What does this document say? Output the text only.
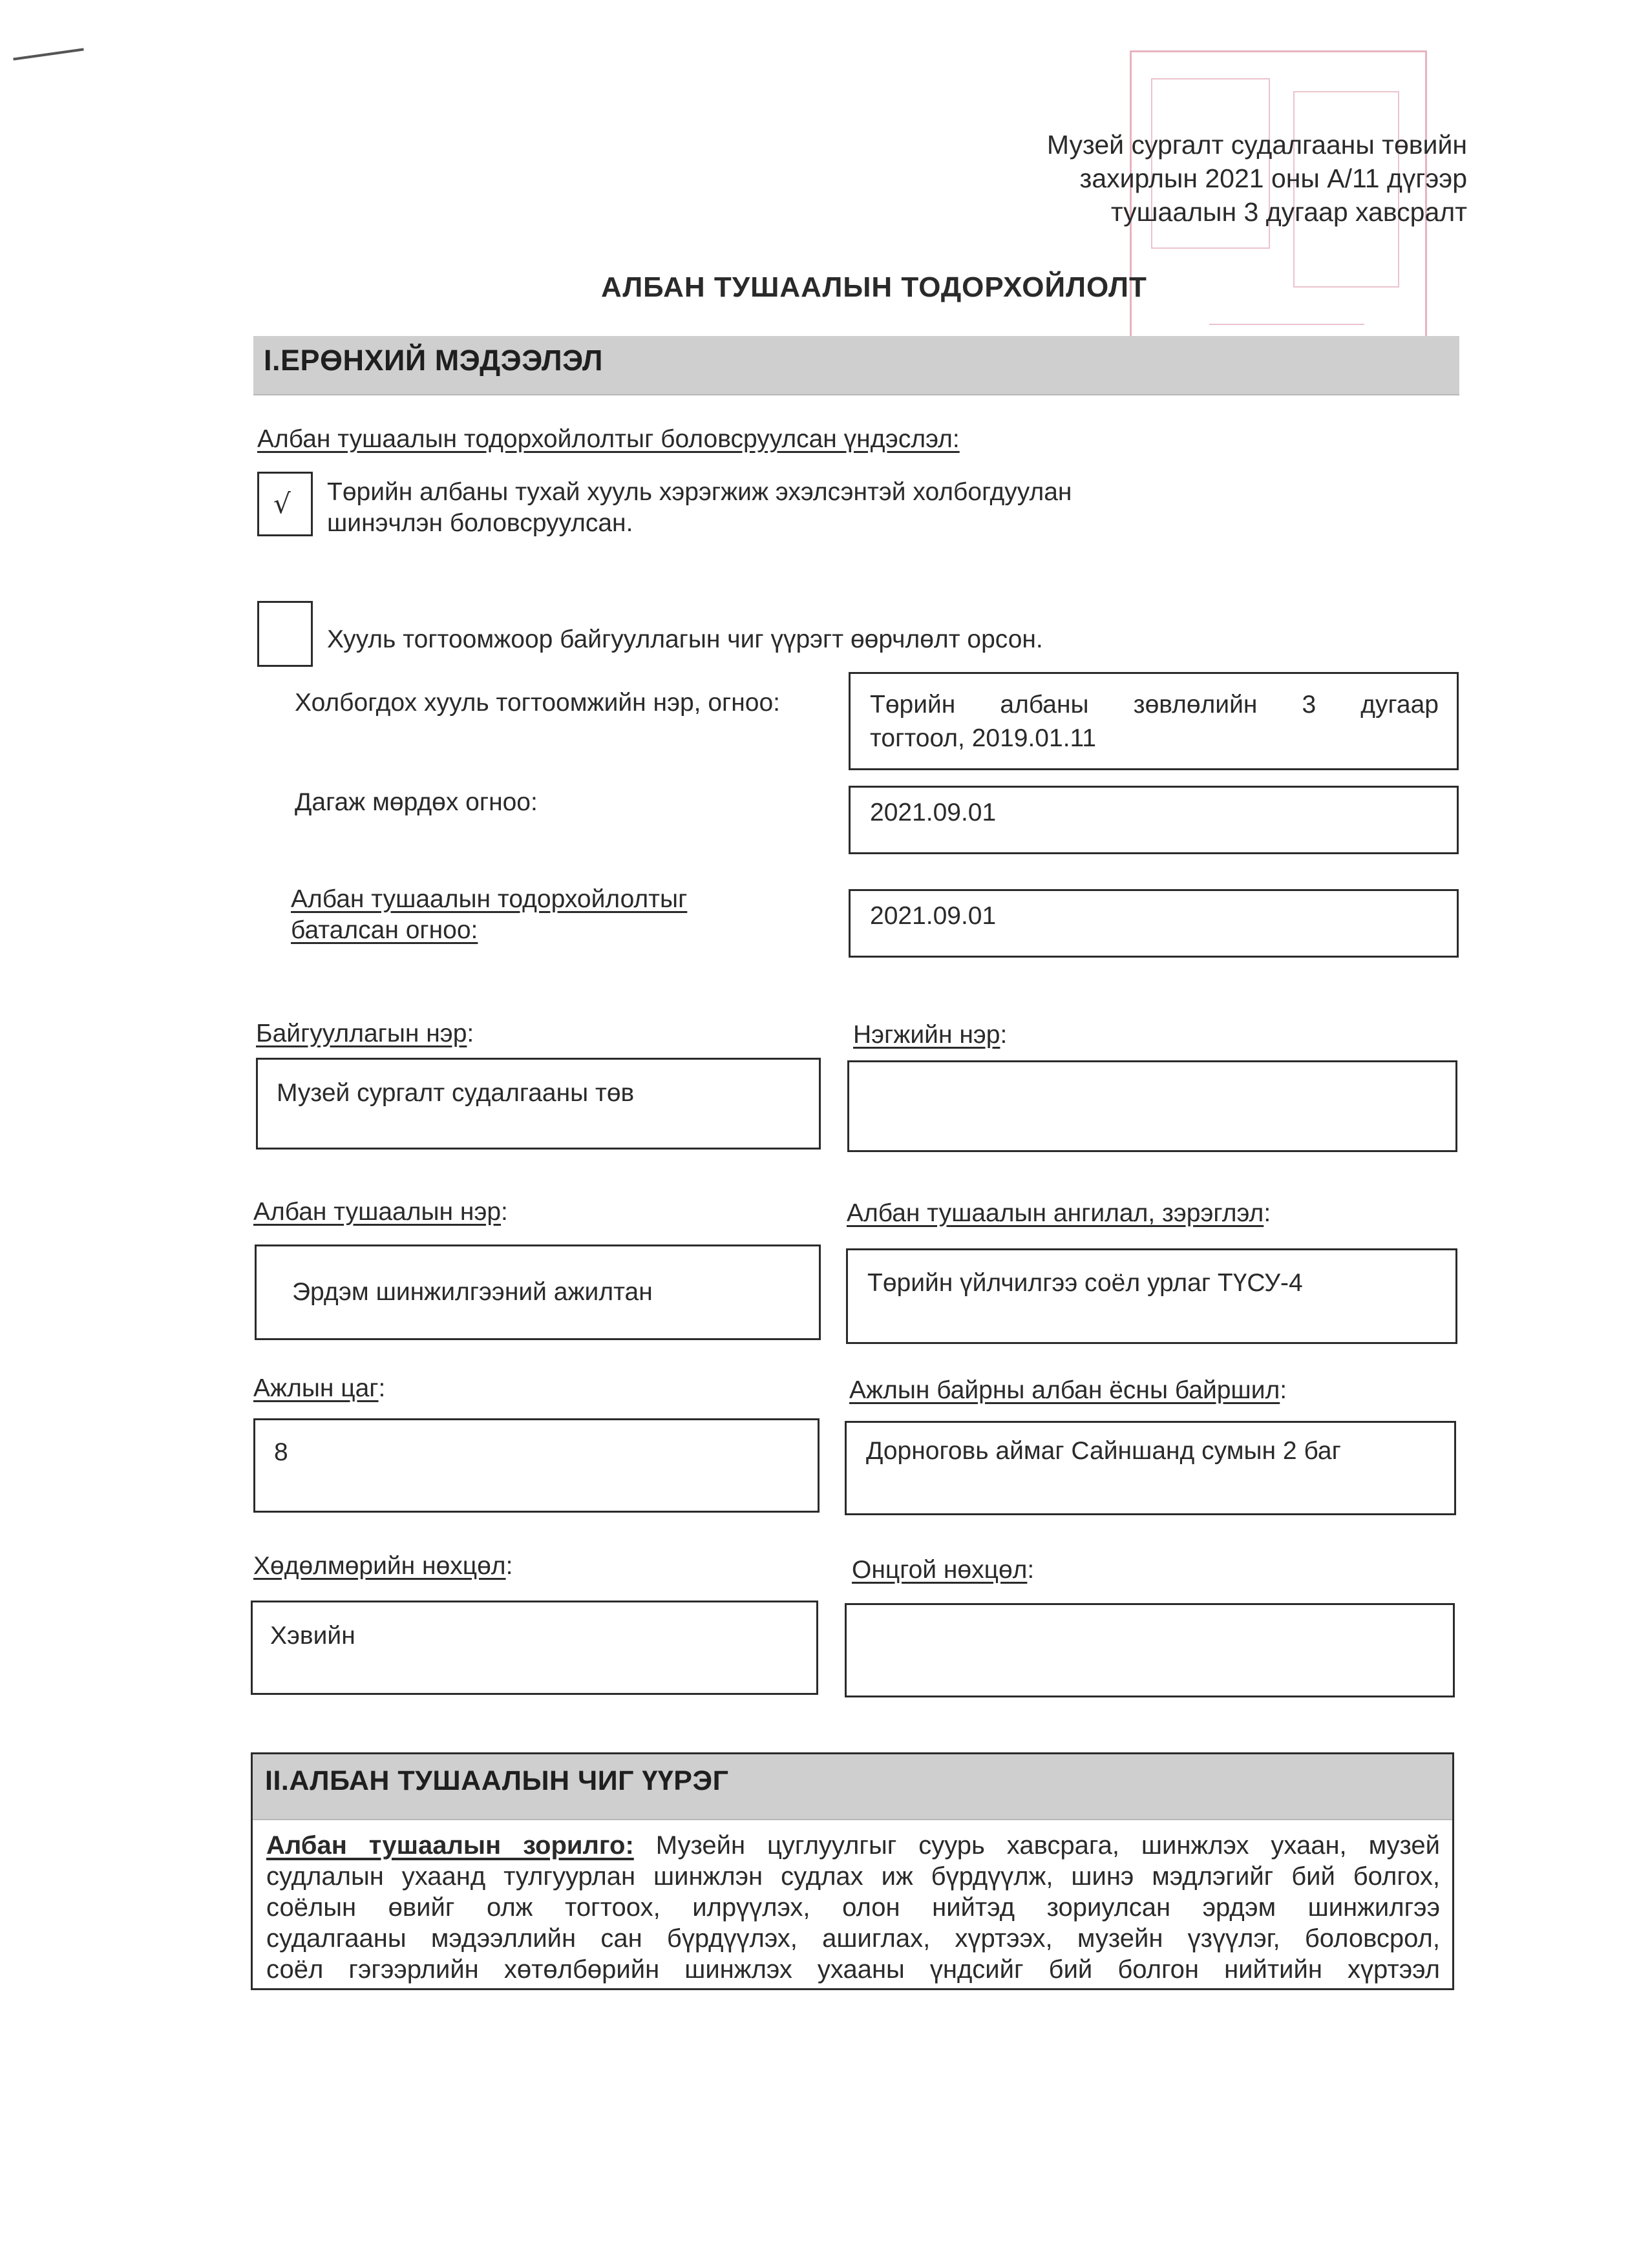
Музей сургалт судалгааны төвийн
захирлын 2021 оны А/11 дүгээр
тушаалын 3 дугаар хавсралт
АЛБАН ТУШААЛЫН ТОДОРХОЙЛОЛТ
I.ЕРӨНХИЙ МЭДЭЭЛЭЛ
Албан тушаалын тодорхойлолтыг боловсруулсан үндэслэл:
√ Төрийн албаны тухай хууль хэрэгжиж эхэлсэнтэй холбогдуулан
шинэчлэн боловсруулсан.
Хууль тогтоомжоор байгууллагын чиг үүрэгт өөрчлөлт орсон.
Холбогдох хууль тогтоомжийн нэр, огноо:	Төрийн албаны зөвлөлийн 3 дугаар
тогтоол, 2019.01.11
Дагаж мөрдөх огноо:	2021.09.01
Албан тушаалын тодорхойлолтыг
баталсан огноо:
2021.09.01
Байгууллагын нэр:
Музей сургалт судалгааны төв
Нэгжийн нэр:
Албан тушаалын нэр:
Эрдэм шинжилгээний ажилтан
Албан тушаалын ангилал, зэрэглэл:
Төрийн үйлчилгээ соёл урлаг ТҮСУ-4
Ажлын цаг:
8
Ажлын байрны албан ёсны байршил:
Дорноговь аймаг Сайншанд сумын 2 баг
Хөдөлмөрийн нөхцөл:
Хэвийн
Онцгой нөхцөл:
II.АЛБАН ТУШААЛЫН ЧИГ ҮҮРЭГ
Албан тушаалын зорилго: Музейн цуглуулгыг суурь хавсрага, шинжлэх ухаан, музей
судлалын ухаанд тулгуурлан шинжлэн судлах иж бүрдүүлж, шинэ мэдлэгийг бий болгох,
соёлын өвийг олж тогтоох, илрүүлэх, олон нийтэд зориулсан эрдэм шинжилгээ
судалгааны мэдээллийн сан бүрдүүлэх, ашиглах, хүртээх, музейн үзүүлэг, боловсрол,
соёл гэгээрлийн хөтөлбөрийн шинжлэх ухааны үндсийг бий болгон нийтийн хүртээл
